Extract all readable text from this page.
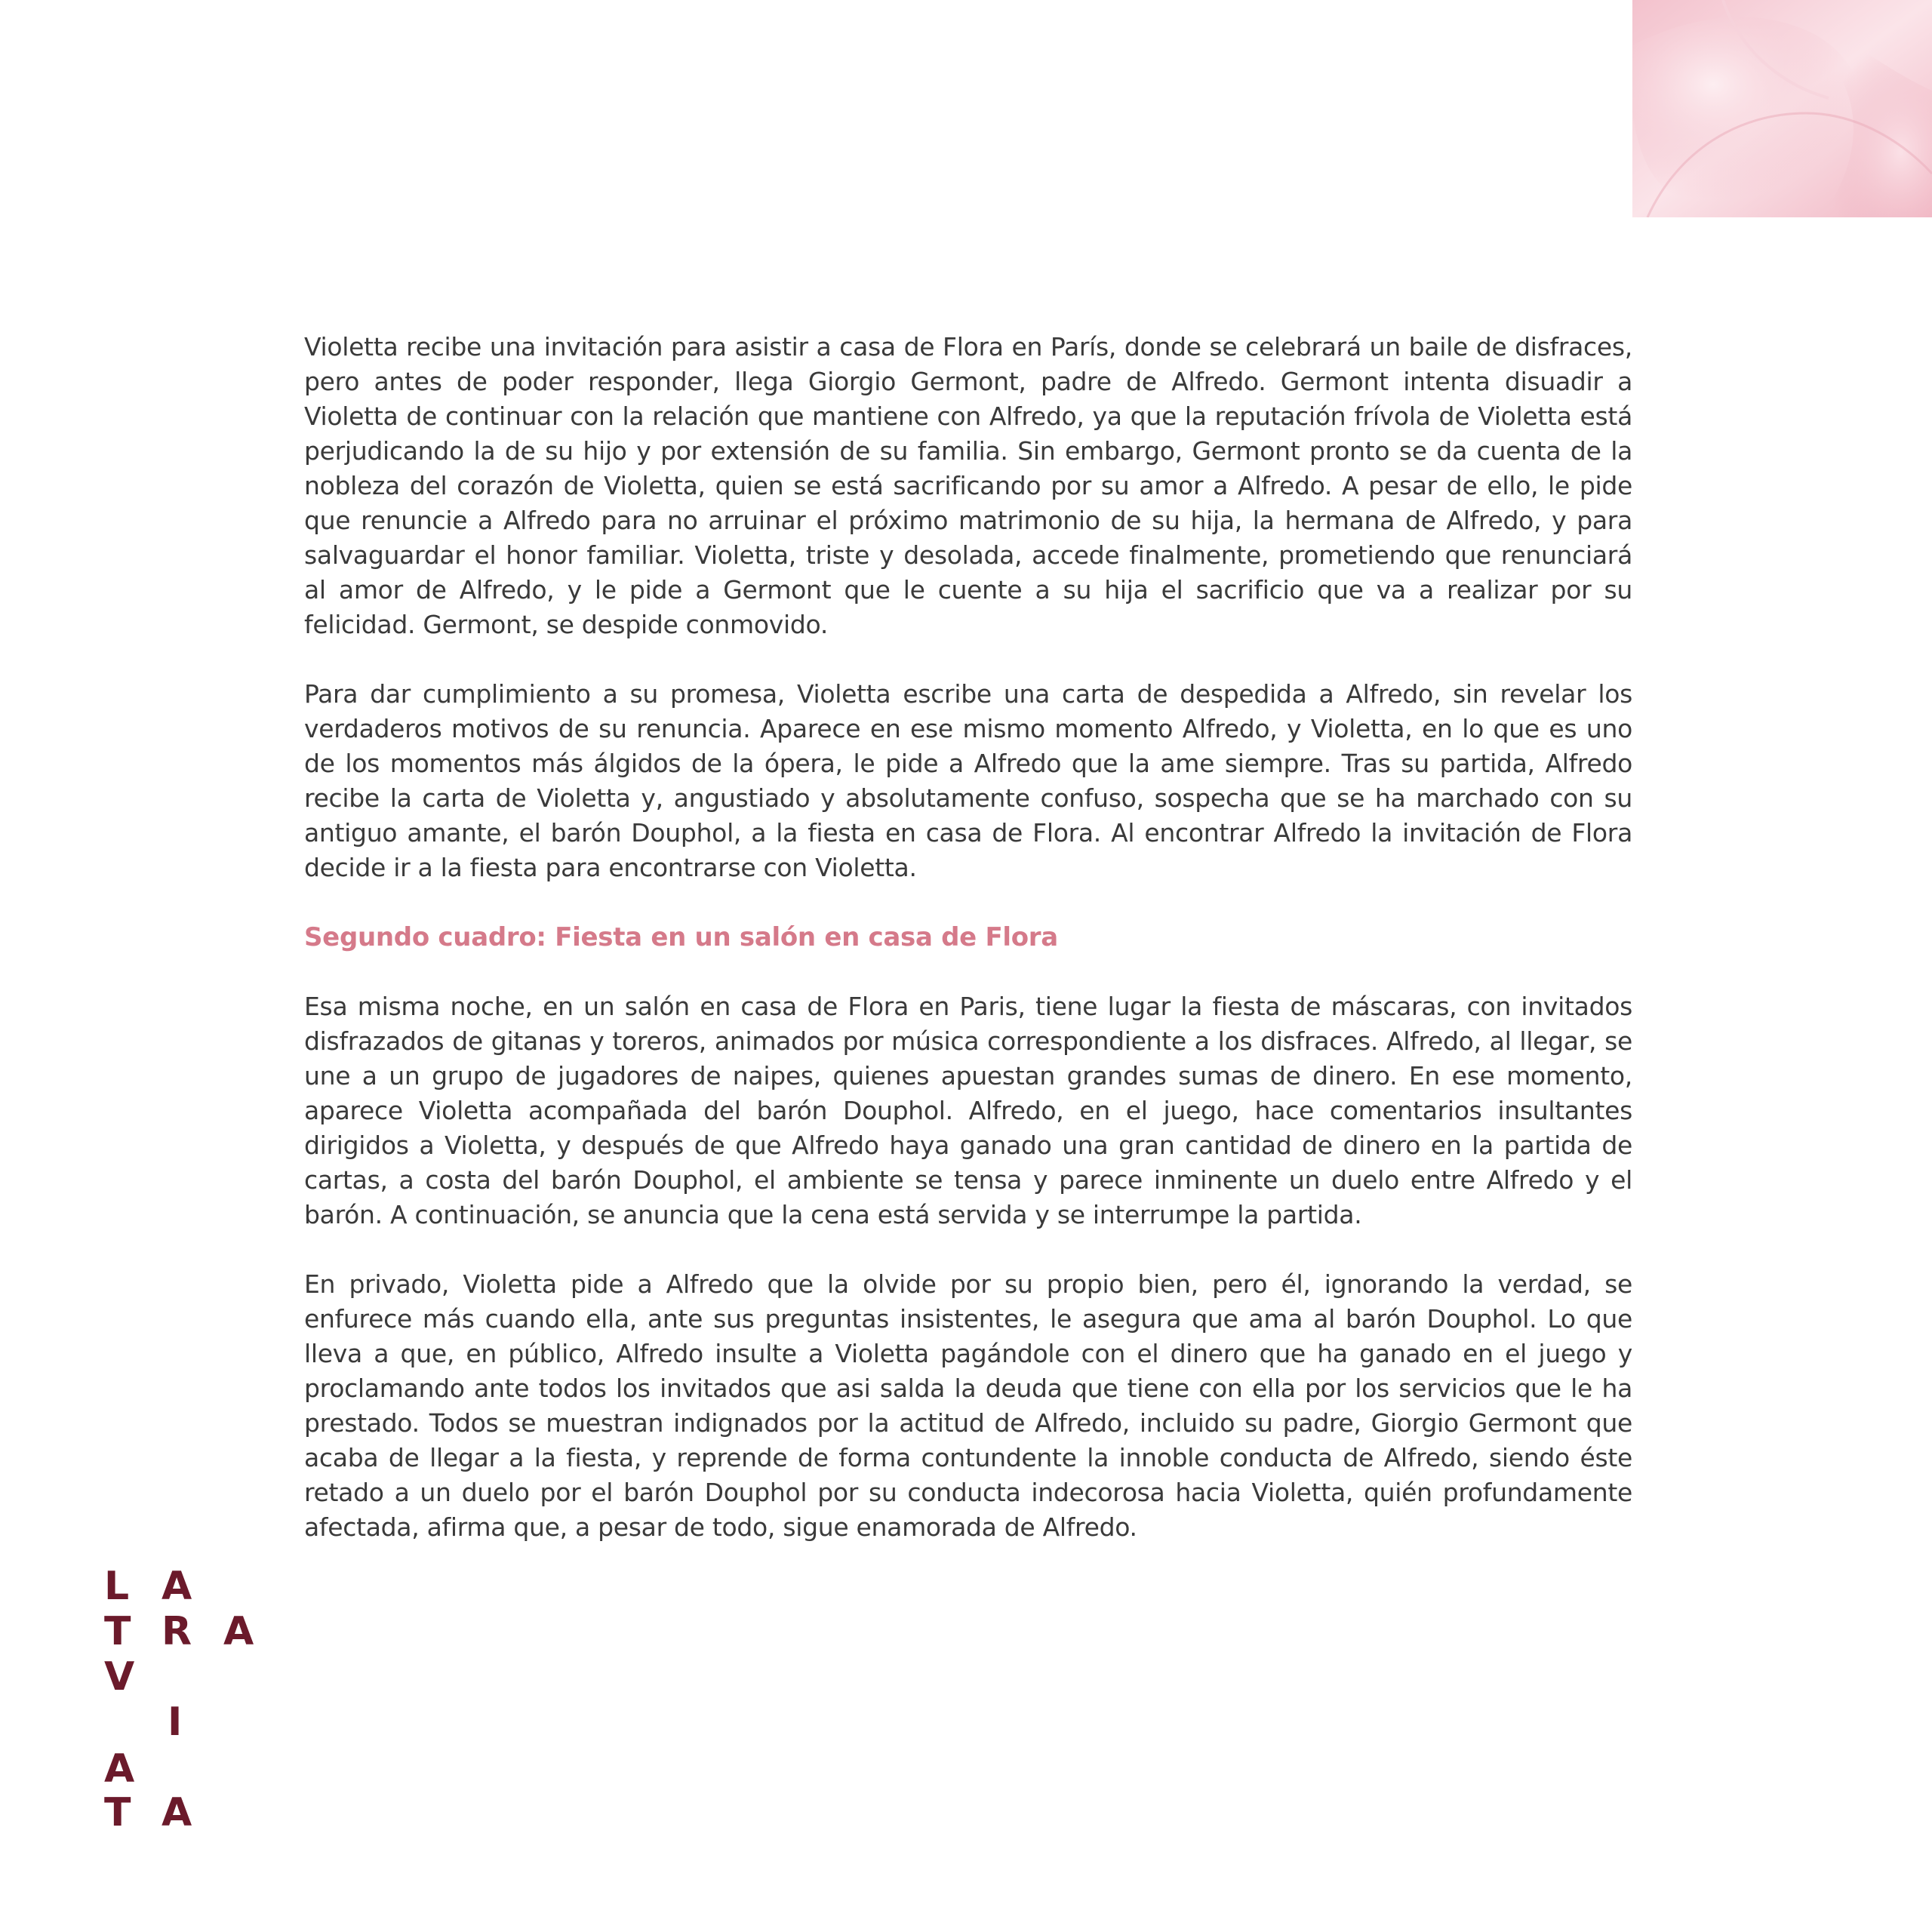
Violetta recibe una invitación para asistir a casa de Flora en París, donde se celebrará un baile de disfraces, pero antes de poder responder, llega Giorgio Germont, padre de Alfredo. Germont intenta disuadir a Violetta de continuar con la relación que mantiene con Alfredo, ya que la reputación frívola de Violetta está perjudicando la de su hijo y por extensión de su familia. Sin embargo, Germont pronto se da cuenta de la nobleza del corazón de Violetta, quien se está sacrificando por su amor a Alfredo. A pesar de ello, le pide que renuncie a Alfredo para no arruinar el próximo matrimonio de su hija, la hermana de Alfredo, y para salvaguardar el honor familiar. Violetta, triste y desolada, accede finalmente, prometiendo que renunciará al amor de Alfredo, y le pide a Germont que le cuente a su hija el sacrificio que va a realizar por su felicidad. Germont, se despide conmovido.

Para dar cumplimiento a su promesa, Violetta escribe una carta de despedida a Alfredo, sin revelar los verdaderos motivos de su renuncia. Aparece en ese mismo momento Alfredo, y Violetta, en lo que es uno de los momentos más álgidos de la ópera, le pide a Alfredo que la ame siempre. Tras su partida, Alfredo recibe la carta de Violetta y, angustiado y absolutamente confuso, sospecha que se ha marchado con su antiguo amante, el barón Douphol, a la fiesta en casa de Flora. Al encontrar Alfredo la invitación de Flora decide ir a la fiesta para encontrarse con Violetta.

Segundo cuadro: Fiesta en un salón en casa de Flora

Esa misma noche, en un salón en casa de Flora en Paris, tiene lugar la fiesta de máscaras, con invitados disfrazados de gitanas y toreros, animados por música correspondiente a los disfraces. Alfredo, al llegar, se une a un grupo de jugadores de naipes, quienes apuestan grandes sumas de dinero. En ese momento, aparece Violetta acompañada del barón Douphol. Alfredo, en el juego, hace comentarios insultantes dirigidos a Violetta, y después de que Alfredo haya ganado una gran cantidad de dinero en la partida de cartas, a costa del barón Douphol, el ambiente se tensa y parece inminente un duelo entre Alfredo y el barón. A continuación, se anuncia que la cena está servida y se interrumpe la partida.

En privado, Violetta pide a Alfredo que la olvide por su propio bien, pero él, ignorando la verdad, se enfurece más cuando ella, ante sus preguntas insistentes, le asegura que ama al barón Douphol. Lo que lleva a que, en público, Alfredo insulte a Violetta pagándole con el dinero que ha ganado en el juego y proclamando ante todos los invitados que asi salda la deuda que tiene con ella por los servicios que le ha prestado. Todos se muestran indignados por la actitud de Alfredo, incluido su padre, Giorgio Germont que acaba de llegar a la fiesta, y reprende de forma contundente la innoble conducta de Alfredo, siendo éste retado a un duelo por el barón Douphol por su conducta indecorosa hacia Violetta, quién profundamente afectada, afirma que, a pesar de todo, sigue enamorada de Alfredo.

L A
T R A
V
I
A
T A
